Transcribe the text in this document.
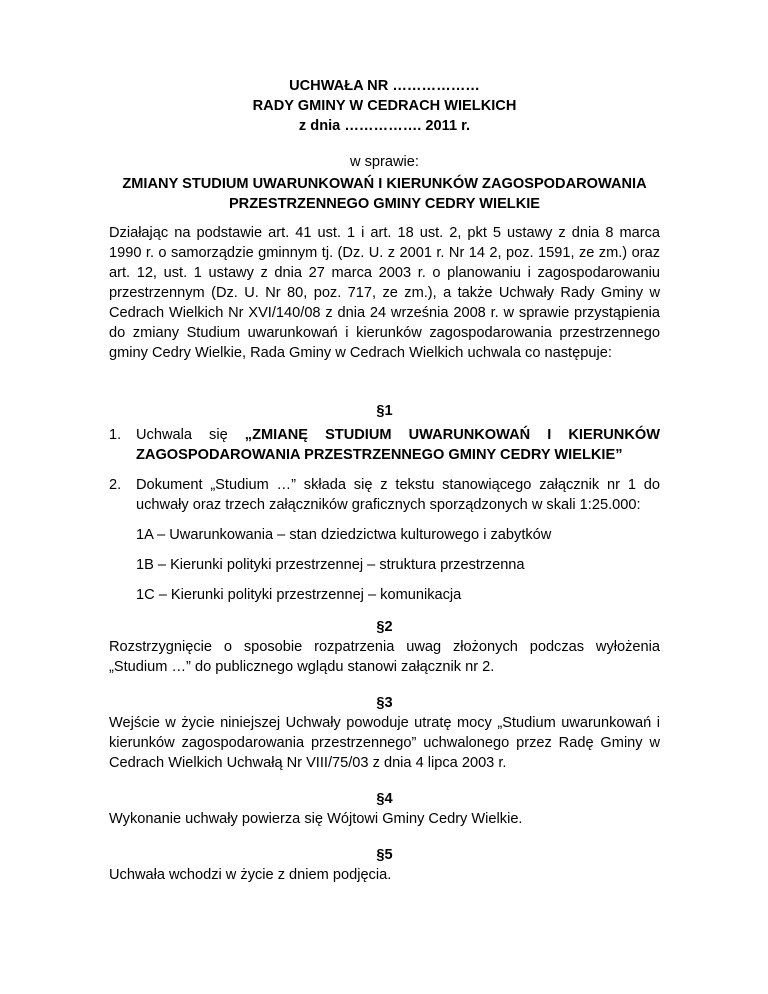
UCHWAŁA NR ………………
RADY GMINY W CEDRACH WIELKICH
z dnia ……………. 2011 r.
w sprawie:
ZMIANY STUDIUM UWARUNKOWAŃ I KIERUNKÓW ZAGOSPODAROWANIA
PRZESTRZENNEGO GMINY CEDRY WIELKIE
Działając na podstawie art. 41 ust. 1 i art. 18 ust. 2, pkt 5 ustawy z dnia 8 marca 1990 r. o samorządzie gminnym tj. (Dz. U. z 2001 r. Nr 14 2, poz. 1591, ze zm.) oraz art. 12, ust. 1 ustawy z dnia 27 marca 2003 r. o planowaniu i zagospodarowaniu przestrzennym (Dz. U. Nr 80, poz. 717, ze zm.), a także Uchwały Rady Gminy w Cedrach Wielkich Nr XVI/140/08 z dnia 24 września 2008 r. w sprawie przystąpienia do zmiany Studium uwarunkowań i kierunków zagospodarowania przestrzennego gminy Cedry Wielkie, Rada Gminy w Cedrach Wielkich uchwala co następuje:
§1
1. Uchwala się „ZMIANĘ STUDIUM UWARUNKOWAŃ I KIERUNKÓW ZAGOSPODAROWANIA PRZESTRZENNEGO GMINY CEDRY WIELKIE”
2. Dokument „Studium …” składa się z tekstu stanowiącego załącznik nr 1 do uchwały oraz trzech załączników graficznych sporządzonych w skali 1:25.000:
1A – Uwarunkowania – stan dziedzictwa kulturowego i zabytków
1B – Kierunki polityki przestrzennej – struktura przestrzenna
1C – Kierunki polityki przestrzennej – komunikacja
§2
Rozstrzygnięcie o sposobie rozpatrzenia uwag złożonych podczas wyłożenia „Studium …” do publicznego wglądu stanowi załącznik nr 2.
§3
Wejście w życie niniejszej Uchwały powoduje utratę mocy „Studium uwarunkowań i kierunków zagospodarowania przestrzennego” uchwalonego przez Radę Gminy w Cedrach Wielkich Uchwałą Nr VIII/75/03 z dnia 4 lipca 2003 r.
§4
Wykonanie uchwały powierza się Wójtowi Gminy Cedry Wielkie.
§5
Uchwała wchodzi w życie z dniem podjęcia.
